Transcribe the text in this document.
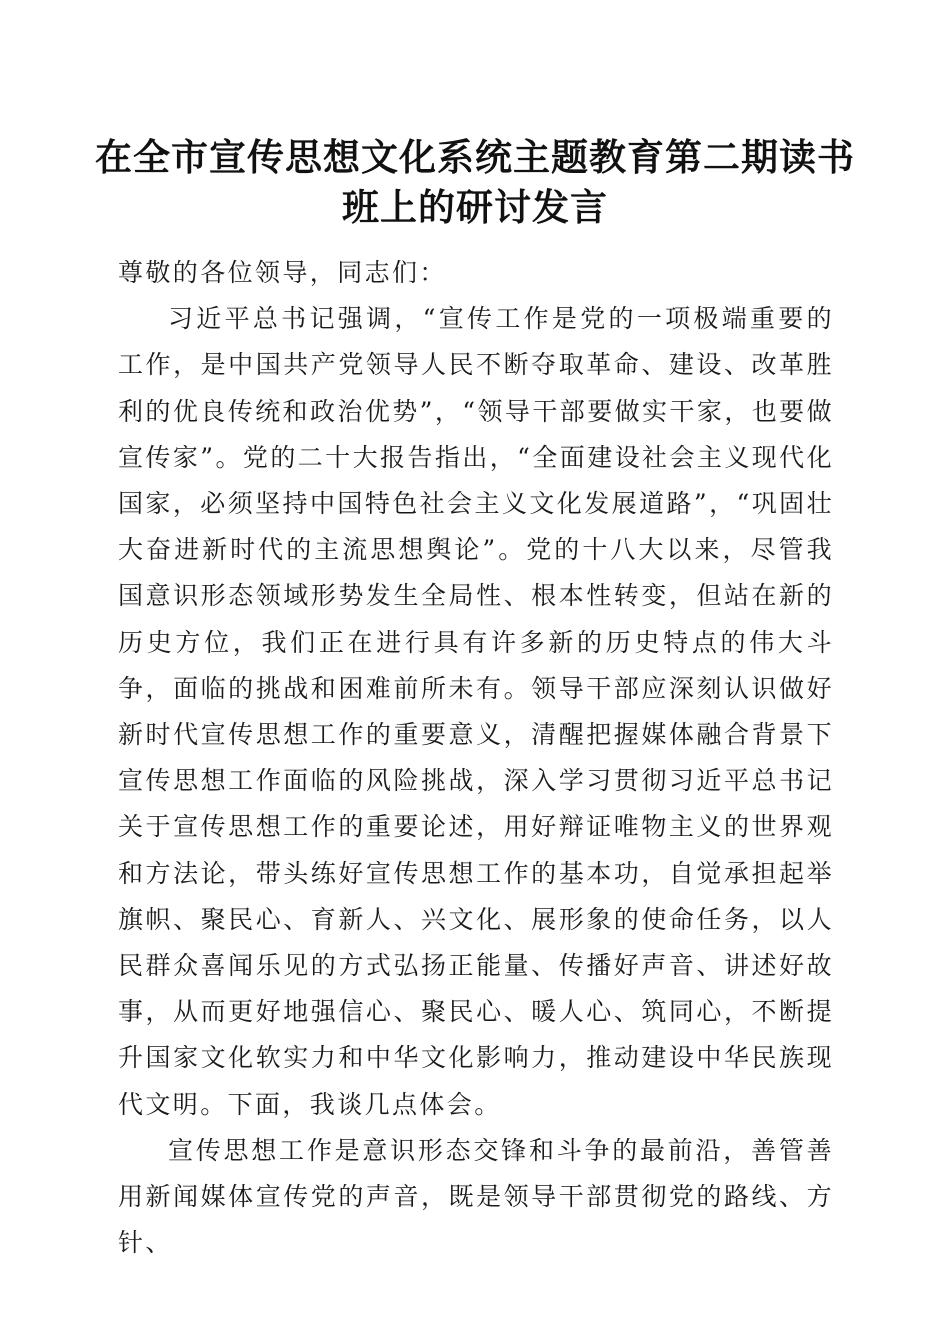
在全市宣传思想文化系统主题教育第二期读书
班上的研讨发言

尊敬的各位领导，同志们：

习近平总书记强调，“宣传工作是党的一项极端重要的工作，是中国共产党领导人民不断夺取革命、建设、改革胜利的优良传统和政治优势”，“领导干部要做实干家，也要做宣传家”。党的二十大报告指出，“全面建设社会主义现代化国家，必须坚持中国特色社会主义文化发展道路”，“巩固壮大奋进新时代的主流思想舆论”。党的十八大以来，尽管我国意识形态领域形势发生全局性、根本性转变，但站在新的历史方位，我们正在进行具有许多新的历史特点的伟大斗争，面临的挑战和困难前所未有。领导干部应深刻认识做好新时代宣传思想工作的重要意义，清醒把握媒体融合背景下宣传思想工作面临的风险挑战，深入学习贯彻习近平总书记关于宣传思想工作的重要论述，用好辩证唯物主义的世界观和方法论，带头练好宣传思想工作的基本功，自觉承担起举旗帜、聚民心、育新人、兴文化、展形象的使命任务，以人民群众喜闻乐见的方式弘扬正能量、传播好声音、讲述好故事，从而更好地强信心、聚民心、暖人心、筑同心，不断提升国家文化软实力和中华文化影响力，推动建设中华民族现代文明。下面，我谈几点体会。

宣传思想工作是意识形态交锋和斗争的最前沿，善管善用新闻媒体宣传党的声音，既是领导干部贯彻党的路线、方针、
